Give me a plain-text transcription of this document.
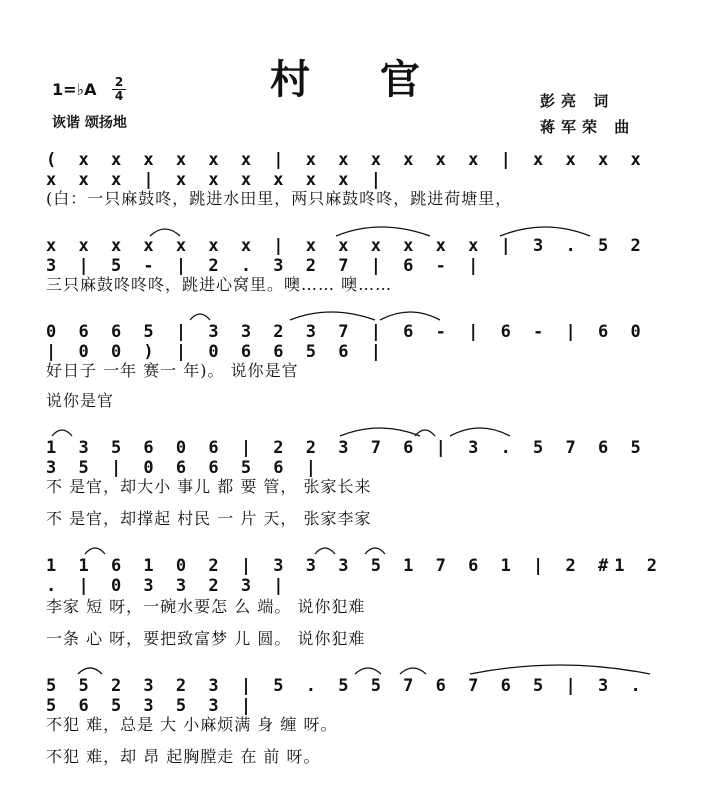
村 官
1=♭A 2
4
诙谐 颂扬地
彭亮 词
蒋军荣 曲
( x x x x x x | x x x x x x | x x x x x x x | x x x x x x |
(白：一只麻鼓咚，跳进水田里，两只麻鼓咚咚，跳进荷塘里，
x x x x x x x | x x x x x x | 3 . 5 2 3 | 5 - | 2 . 3 2 7 | 6 - |
三只麻鼓咚咚咚，跳进心窝里。噢…… 噢……
0 6 6 5 | 3 3 2 3 7 | 6 - | 6 - | 6 0 | 0 0 ) | 0 6 6 5 6 |
好日子 一年 赛一 年)。 说你是官
说你是官
1 3 5 6 0 6 | 2 2 3 7 6 | 3 . 5 7 6 5 3 5 | 0 6 6 5 6 |
不 是官，却大小 事儿 都 要 管， 张家长来
不 是官，却撑起 村民 一 片 天， 张家李家
1 1 6 1 0 2 | 3 3 3 5 1 7 6 1 | 2 #1 2 . | 0 3 3 2 3 |
李家 短 呀，一碗水要怎 么 端。 说你犯难
一条 心 呀，要把致富梦 儿 圆。 说你犯难
5 5 2 3 2 3 | 5 . 5 5 7 6 7 6 5 | 3 . 5 6 5 3 5 3 |
不犯 难，总是 大 小麻烦满 身 缠 呀。
不犯 难，却 昂 起胸膛走 在 前 呀。
